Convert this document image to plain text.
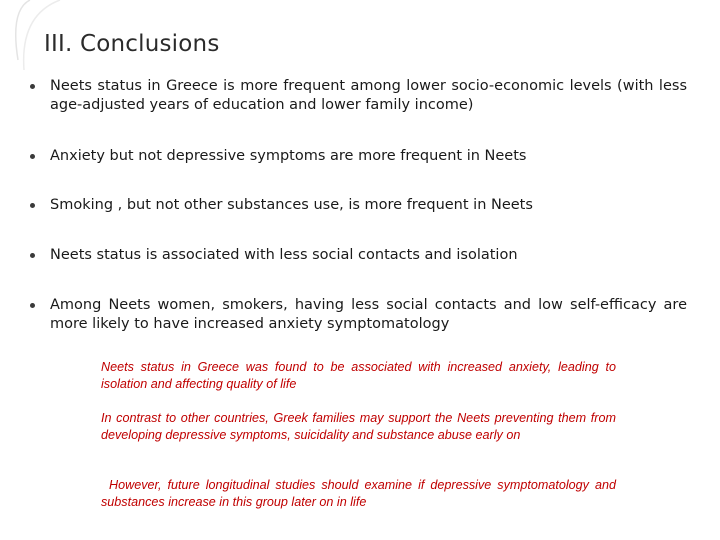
III. Conclusions
Neets status in Greece is more frequent among lower socio-economic levels (with less age-adjusted years of education and lower family income)
Anxiety but not depressive symptoms are more frequent in Neets
Smoking , but not other substances use, is more frequent in Neets
Neets status is associated with less social contacts and isolation
Among Neets women, smokers, having less social contacts and low self-efficacy are more likely to have increased anxiety symptomatology
Neets status in Greece was found to be associated with increased anxiety, leading to isolation and affecting quality of life
In contrast to other countries, Greek families may support the Neets preventing them from developing depressive symptoms, suicidality and substance abuse early on
However, future longitudinal studies should examine if depressive symptomatology and substances increase in this group later on in life
